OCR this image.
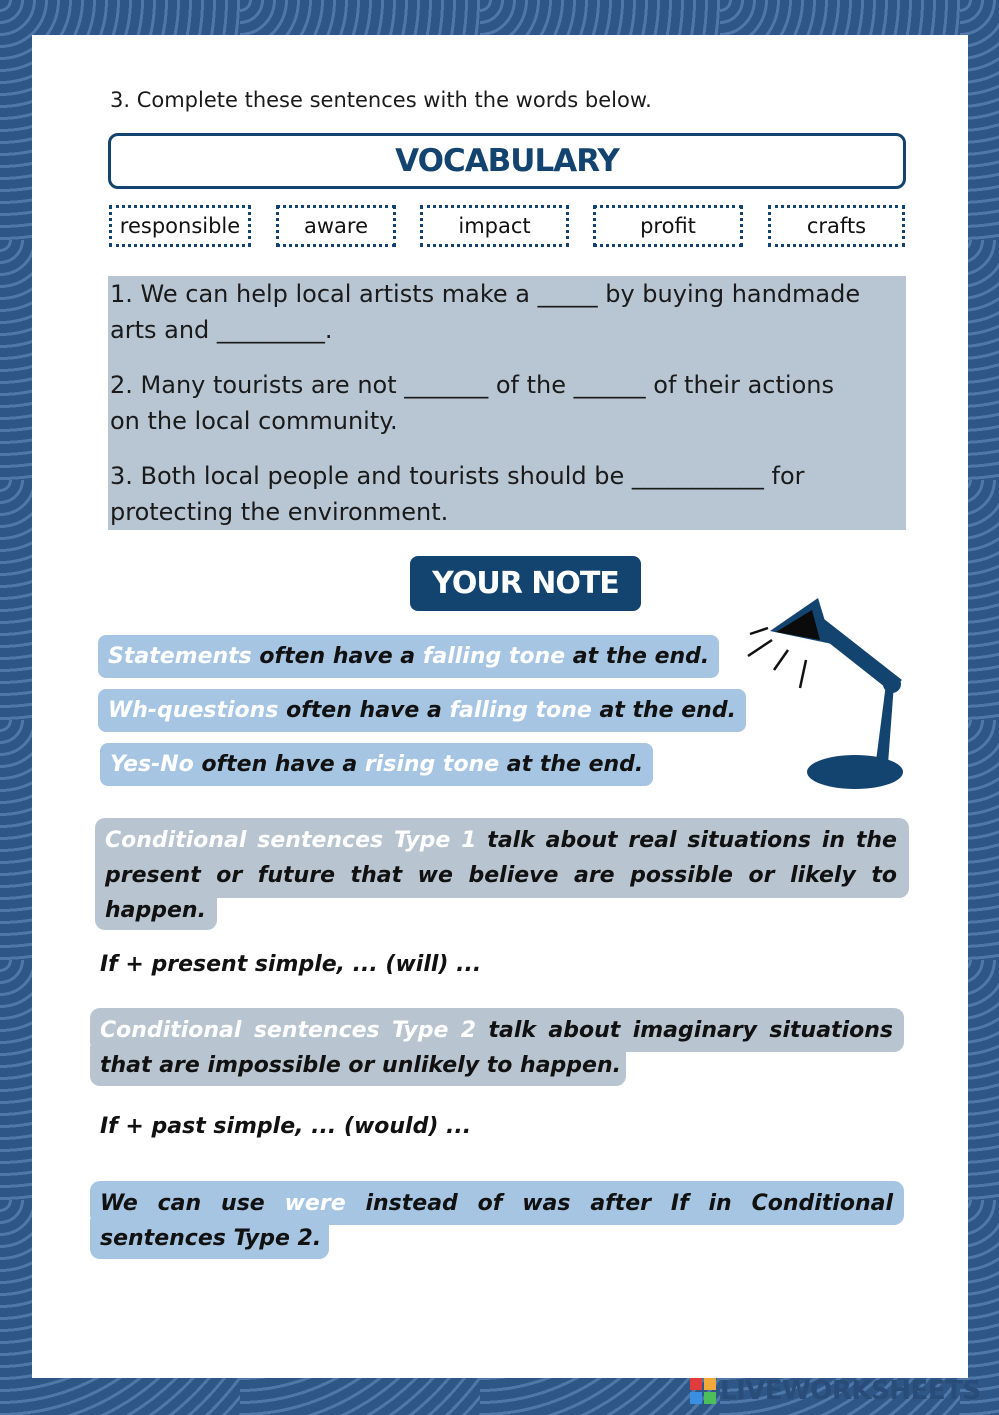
3. Complete these sentences with the words below.
VOCABULARY
responsible	aware	impact	profit	crafts

1. We can help local artists make a _____ by buying handmade
arts and _________.

2. Many tourists are not _______ of the ______ of their actions
on the local community.

3. Both local people and tourists should be ___________ for
protecting the environment.

YOUR NOTE
Statements often have a falling tone at the end.
Wh-questions often have a falling tone at the end.
Yes-No often have a rising tone at the end.
Conditional sentences Type 1 talk about real situations in the
present or future that we believe are possible or likely to
happen.
If + present simple, ... (will) ...
Conditional sentences Type 2 talk about imaginary situations
that are impossible or unlikely to happen.
If + past simple, ... (would) ...
We can use were instead of was after If in Conditional
sentences Type 2.
LIVEWORKSHEETS
